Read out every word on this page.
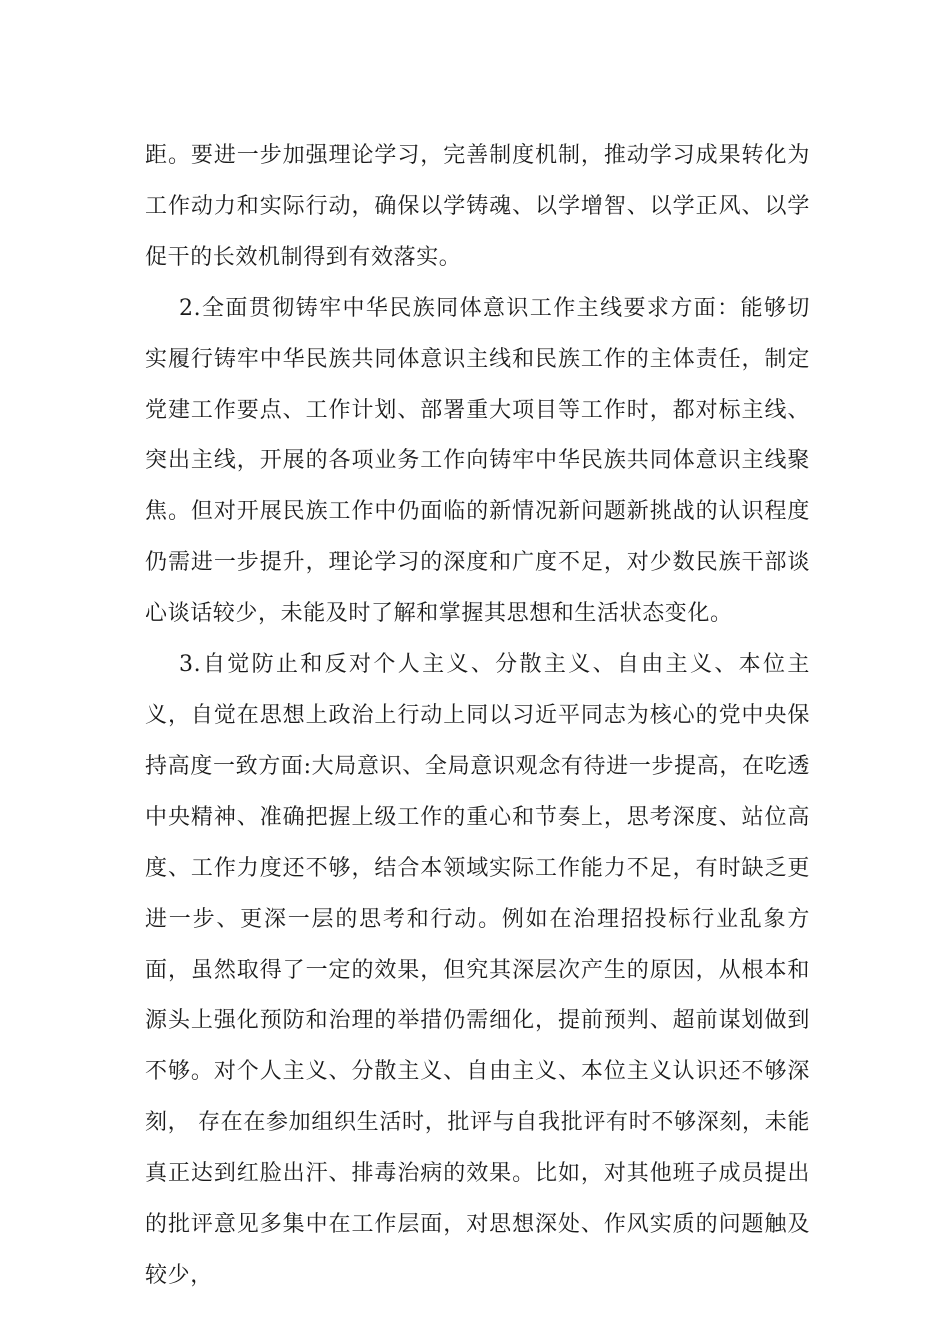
距。要进一步加强理论学习，完善制度机制，推动学习成果转化为工作动力和实际行动，确保以学铸魂、以学增智、以学正风、以学促干的长效机制得到有效落实。

2.全面贯彻铸牢中华民族同体意识工作主线要求方面：能够切实履行铸牢中华民族共同体意识主线和民族工作的主体责任，制定党建工作要点、工作计划、部署重大项目等工作时，都对标主线、突出主线，开展的各项业务工作向铸牢中华民族共同体意识主线聚焦。但对开展民族工作中仍面临的新情况新问题新挑战的认识程度仍需进一步提升，理论学习的深度和广度不足，对少数民族干部谈心谈话较少，未能及时了解和掌握其思想和生活状态变化。

3.自觉防止和反对个人主义、分散主义、自由主义、本位主义，自觉在思想上政治上行动上同以习近平同志为核心的党中央保持高度一致方面:大局意识、全局意识观念有待进一步提高，在吃透中央精神、准确把握上级工作的重心和节奏上，思考深度、站位高度、工作力度还不够，结合本领域实际工作能力不足，有时缺乏更进一步、更深一层的思考和行动。例如在治理招投标行业乱象方面，虽然取得了一定的效果，但究其深层次产生的原因，从根本和源头上强化预防和治理的举措仍需细化，提前预判、超前谋划做到不够。对个人主义、分散主义、自由主义、本位主义认识还不够深刻， 存在在参加组织生活时，批评与自我批评有时不够深刻，未能真正达到红脸出汗、排毒治病的效果。比如，对其他班子成员提出的批评意见多集中在工作层面，对思想深处、作风实质的问题触及较少，
